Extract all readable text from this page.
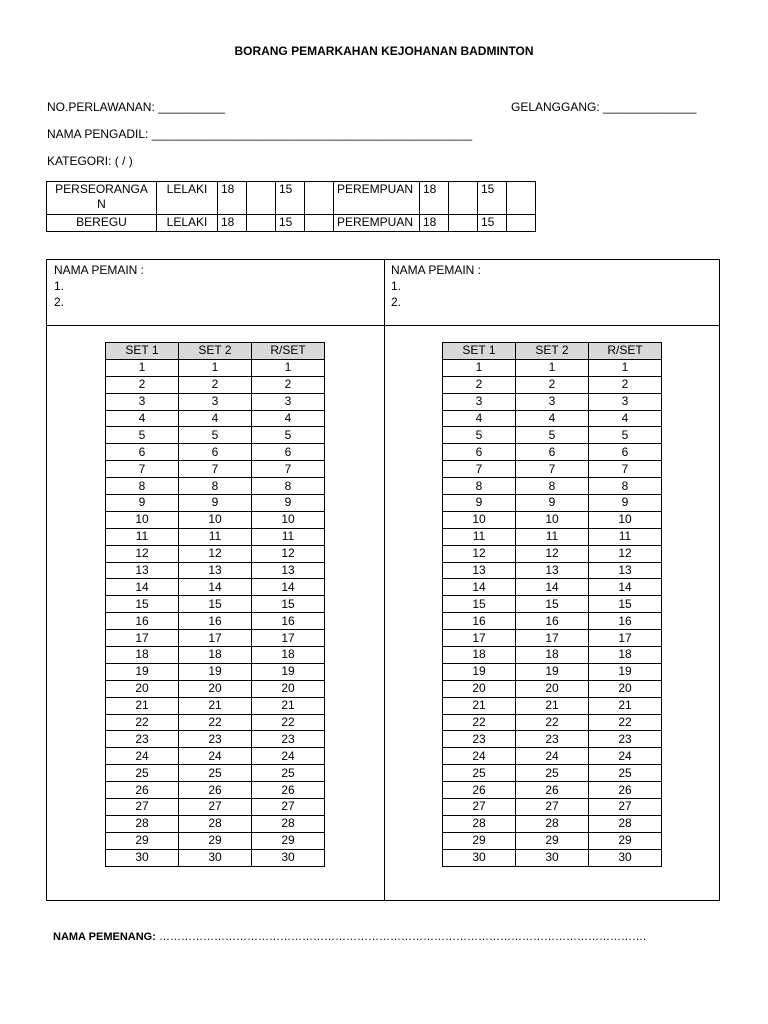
BORANG PEMARKAHAN KEJOHANAN BADMINTON
NO.PERLAWANAN: __________	GELANGGANG: ______________
NAMA PENGADIL: ________________________________________________
KATEGORI: ( / )
PERSEORANGA N	LELAKI	18		15		PEREMPUAN	18		15	
BEREGU	LELAKI	18		15		PEREMPUAN	18		15	
NAMA PEMAIN :
1.
2.
NAMA PEMAIN :
1.
2.
SET 1	SET 2	R/SET
1	1	1
2	2	2
3	3	3
4	4	4
5	5	5
6	6	6
7	7	7
8	8	8
9	9	9
10	10	10
11	11	11
12	12	12
13	13	13
14	14	14
15	15	15
16	16	16
17	17	17
18	18	18
19	19	19
20	20	20
21	21	21
22	22	22
23	23	23
24	24	24
25	25	25
26	26	26
27	27	27
28	28	28
29	29	29
30	30	30
SET 1	SET 2	R/SET
1	1	1
2	2	2
3	3	3
4	4	4
5	5	5
6	6	6
7	7	7
8	8	8
9	9	9
10	10	10
11	11	11
12	12	12
13	13	13
14	14	14
15	15	15
16	16	16
17	17	17
18	18	18
19	19	19
20	20	20
21	21	21
22	22	22
23	23	23
24	24	24
25	25	25
26	26	26
27	27	27
28	28	28
29	29	29
30	30	30
NAMA PEMENANG: …………………………………………………………………………………………………………………….
